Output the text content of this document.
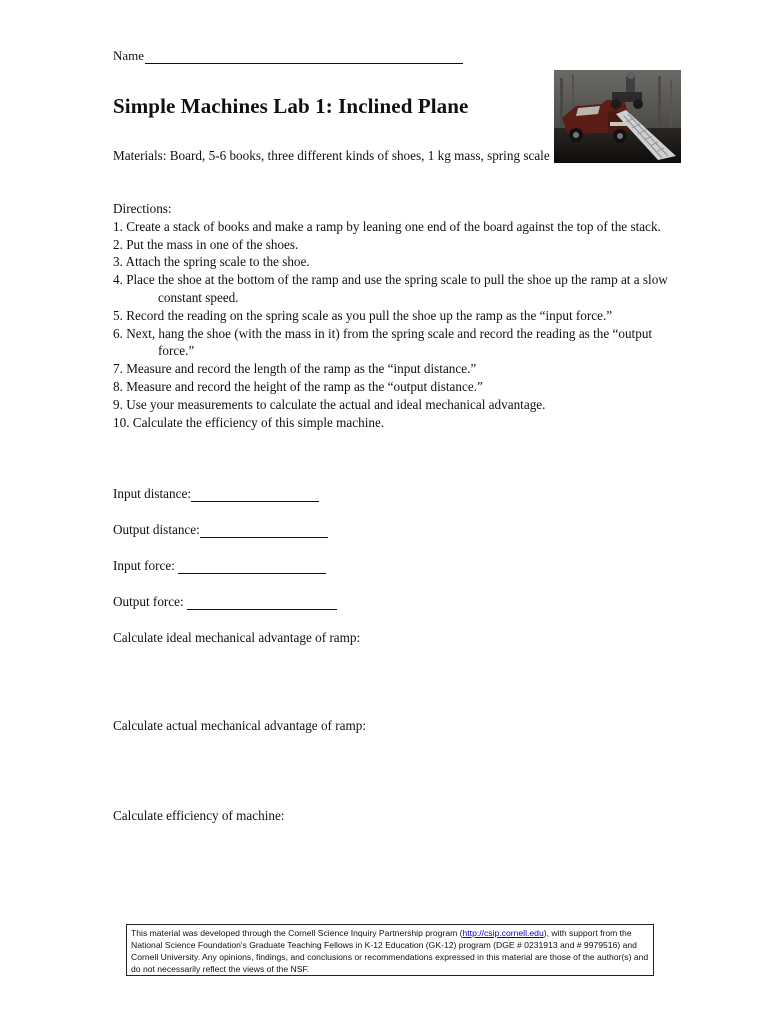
Name
Simple Machines Lab 1: Inclined Plane
Materials: Board, 5-6 books, three different kinds of shoes, 1 kg mass, spring scale
Directions:
1. Create a stack of books and make a ramp by leaning one end of the board against the top of the stack.
2. Put the mass in one of the shoes.
3. Attach the spring scale to the shoe.
4. Place the shoe at the bottom of the ramp and use the spring scale to pull the shoe up the ramp at a slow constant speed.
5. Record the reading on the spring scale as you pull the shoe up the ramp as the “input force.”
6. Next, hang the shoe (with the mass in it) from the spring scale and record the reading as the “output force.”
7. Measure and record the length of the ramp as the “input distance.”
8. Measure and record the height of the ramp as the “output distance.”
9. Use your measurements to calculate the actual and ideal mechanical advantage.
10. Calculate the efficiency of this simple machine.
Input distance:
Output distance:
Input force:
Output force:
Calculate ideal mechanical advantage of ramp:
Calculate actual mechanical advantage of ramp:
Calculate efficiency of machine:
This material was developed through the Cornell Science Inquiry Partnership program (http://csip.cornell.edu), with support from the National Science Foundation's Graduate Teaching Fellows in K-12 Education (GK-12) program (DGE # 0231913 and # 9979516) and Cornell University. Any opinions, findings, and conclusions or recommendations expressed in this material are those of the author(s) and do not necessarily reflect the views of the NSF.
